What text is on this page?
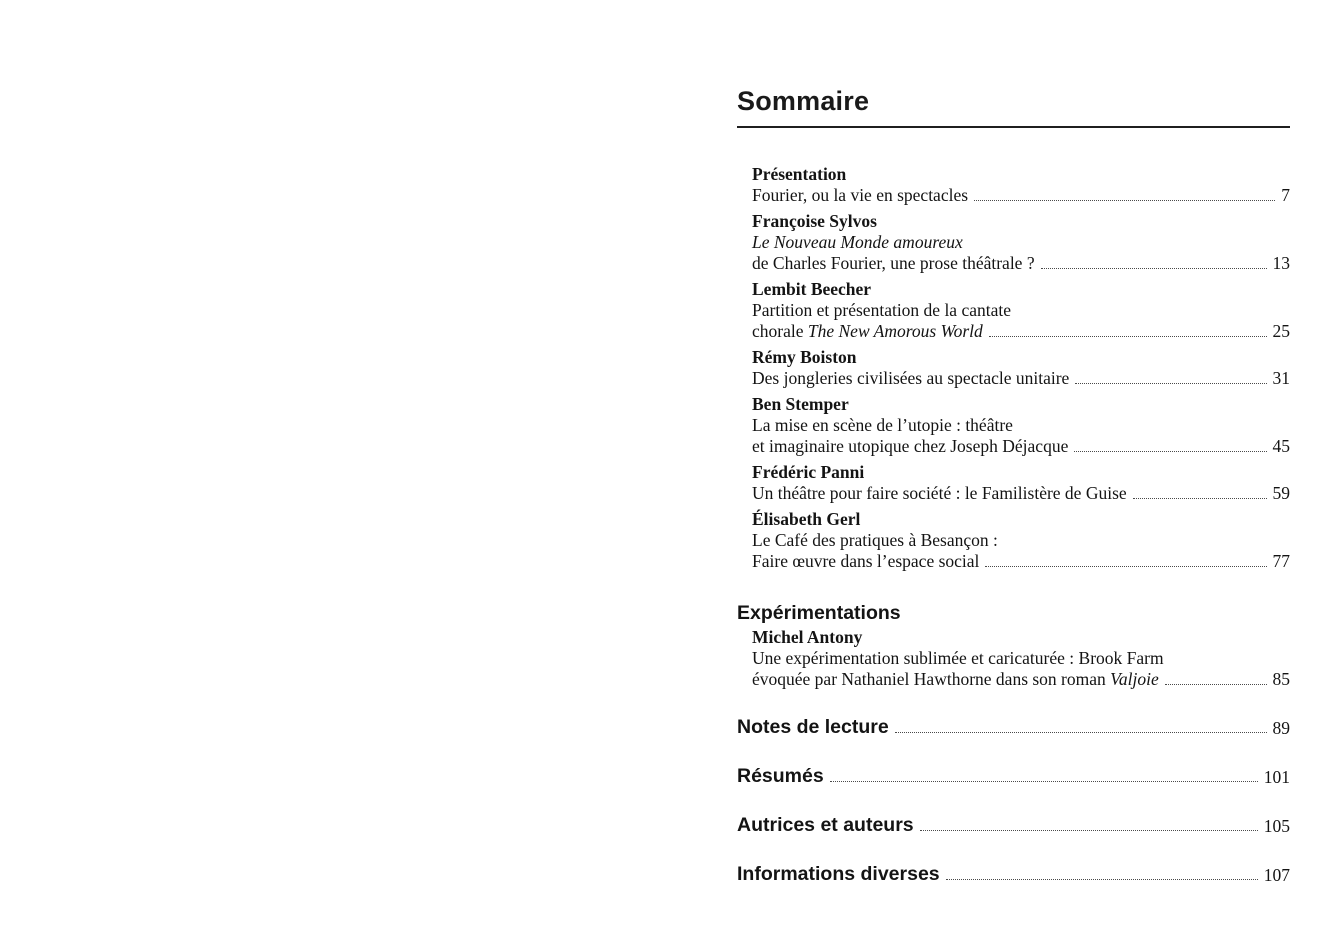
Sommaire
Présentation
Fourier, ou la vie en spectacles	7
Françoise Sylvos
Le Nouveau Monde amoureux
de Charles Fourier, une prose théâtrale ?	13
Lembit Beecher
Partition et présentation de la cantate
chorale The New Amorous World	25
Rémy Boiston
Des jongleries civilisées au spectacle unitaire	31
Ben Stemper
La mise en scène de l’utopie : théâtre
et imaginaire utopique chez Joseph Déjacque	45
Frédéric Panni
Un théâtre pour faire société : le Familistère de Guise	59
Élisabeth Gerl
Le Café des pratiques à Besançon :
Faire œuvre dans l’espace social	77
Expérimentations
Michel Antony
Une expérimentation sublimée et caricaturée : Brook Farm
évoquée par Nathaniel Hawthorne dans son roman Valjoie	85
Notes de lecture	89
Résumés	101
Autrices et auteurs	105
Informations diverses	107
